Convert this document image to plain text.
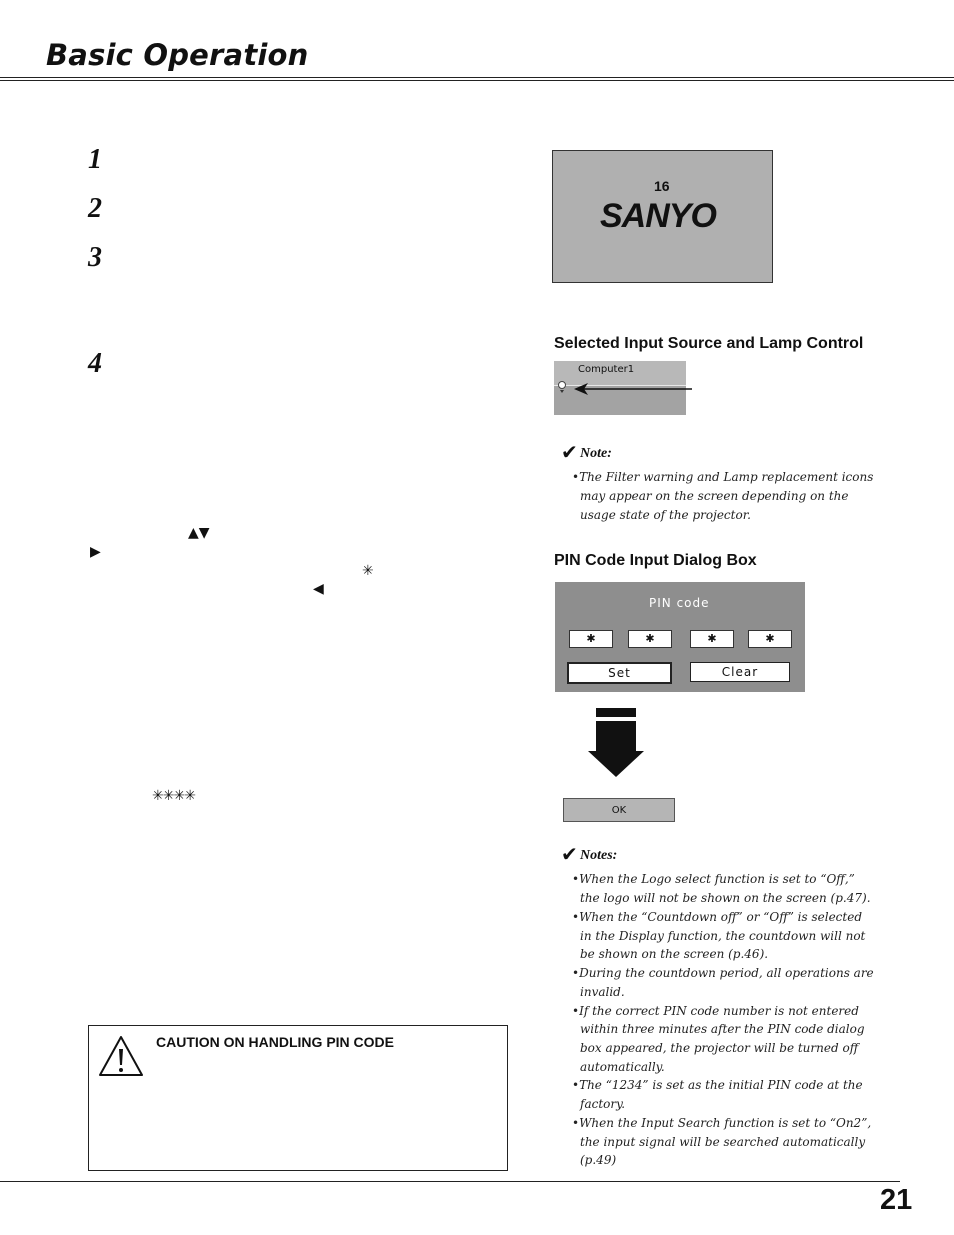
Basic Operation
1
2
3
4
▲▼
▶
✳
◀
✳✳✳✳
16
SANYO
Selected Input Source and Lamp Control
Computer1
✔ Note:
•The Filter warning and Lamp replacement icons
may appear on the screen depending on the
usage state of the projector.
PIN Code Input Dialog Box
PIN code
✱	✱	✱	✱
Set	Clear
OK
✔ Notes:
•When the Logo select function is set to “Off,”
the logo will not be shown on the screen (p.47).
•When the “Countdown off” or “Off” is selected
in the Display function, the countdown will not
be shown on the screen (p.46).
•During the countdown period, all operations are
invalid.
•If the correct PIN code number is not entered
within three minutes after the PIN code dialog
box appeared, the projector will be turned off
automatically.
•The “1234” is set as the initial PIN code at the
factory.
•When the Input Search function is set to “On2”,
the input signal will be searched automatically
(p.49)
CAUTION ON HANDLING PIN CODE
21
